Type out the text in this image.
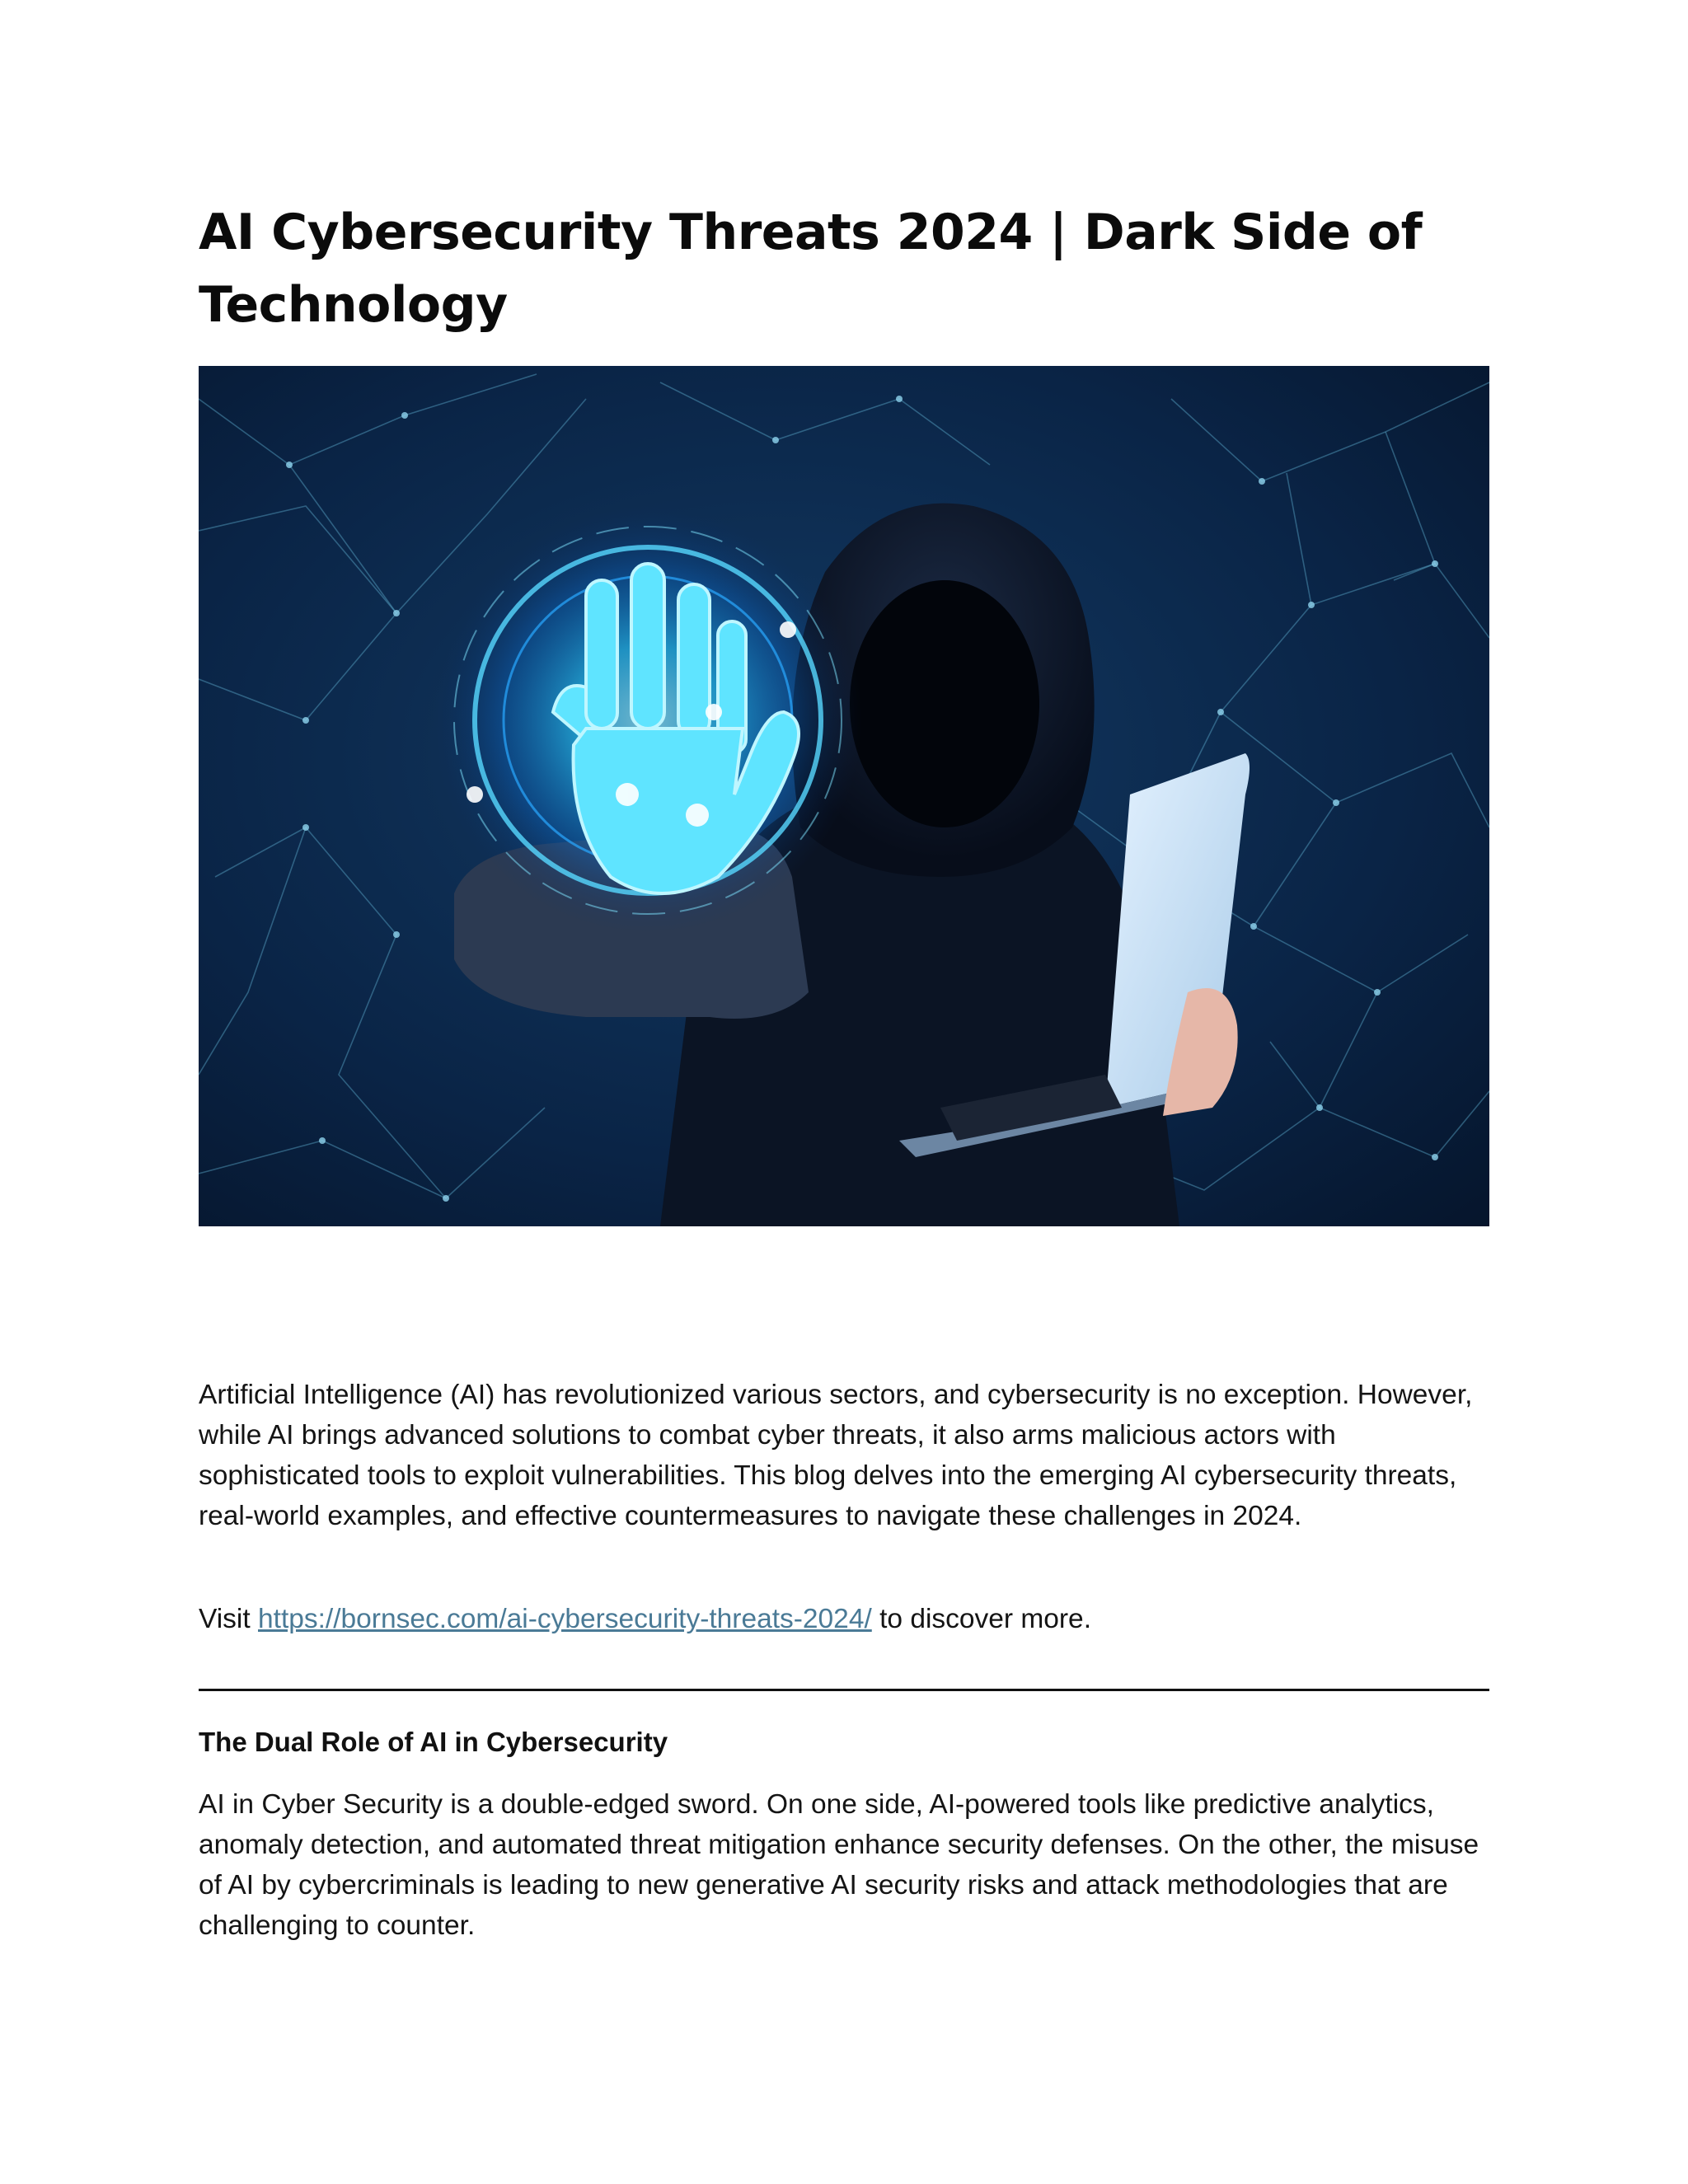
AI Cybersecurity Threats 2024 | Dark Side of Technology

Artificial Intelligence (AI) has revolutionized various sectors, and cybersecurity is no exception. However, while AI brings advanced solutions to combat cyber threats, it also arms malicious actors with sophisticated tools to exploit vulnerabilities. This blog delves into the emerging AI cybersecurity threats, real-world examples, and effective countermeasures to navigate these challenges in 2024.

Visit https://bornsec.com/ai-cybersecurity-threats-2024/ to discover more.

The Dual Role of AI in Cybersecurity

AI in Cyber Security is a double-edged sword. On one side, AI-powered tools like predictive analytics, anomaly detection, and automated threat mitigation enhance security defenses. On the other, the misuse of AI by cybercriminals is leading to new generative AI security risks and attack methodologies that are challenging to counter.
